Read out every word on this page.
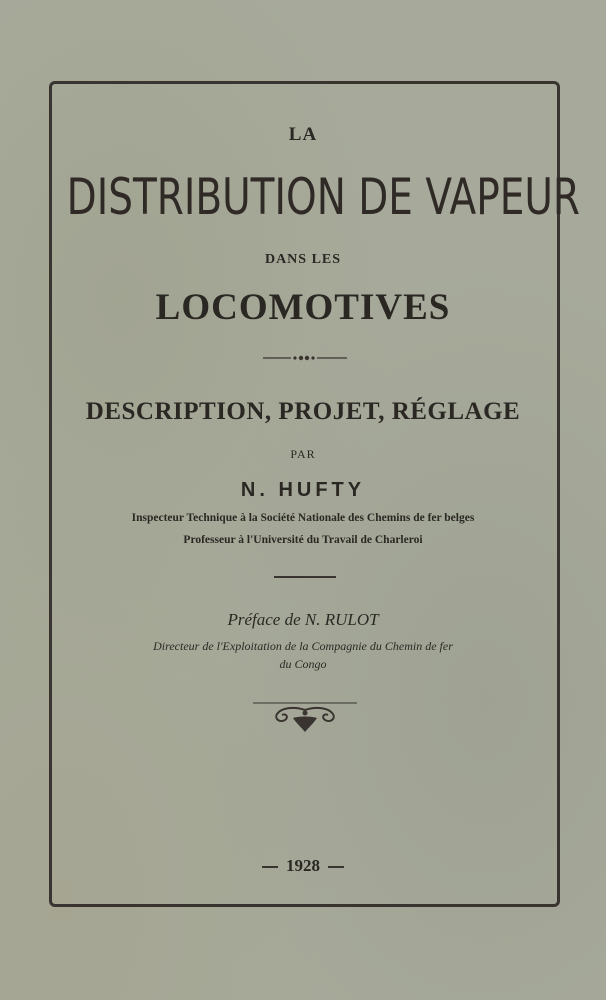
LA
DISTRIBUTION DE VAPEUR
DANS LES
LOCOMOTIVES
DESCRIPTION, PROJET, RÉGLAGE
PAR
N. HUFTY
Inspecteur Technique à la Société Nationale des Chemins de fer belges
Professeur à l'Université du Travail de Charleroi
Préface de N. RULOT
Directeur de l'Exploitation de la Compagnie du Chemin de fer
du Congo
1928
